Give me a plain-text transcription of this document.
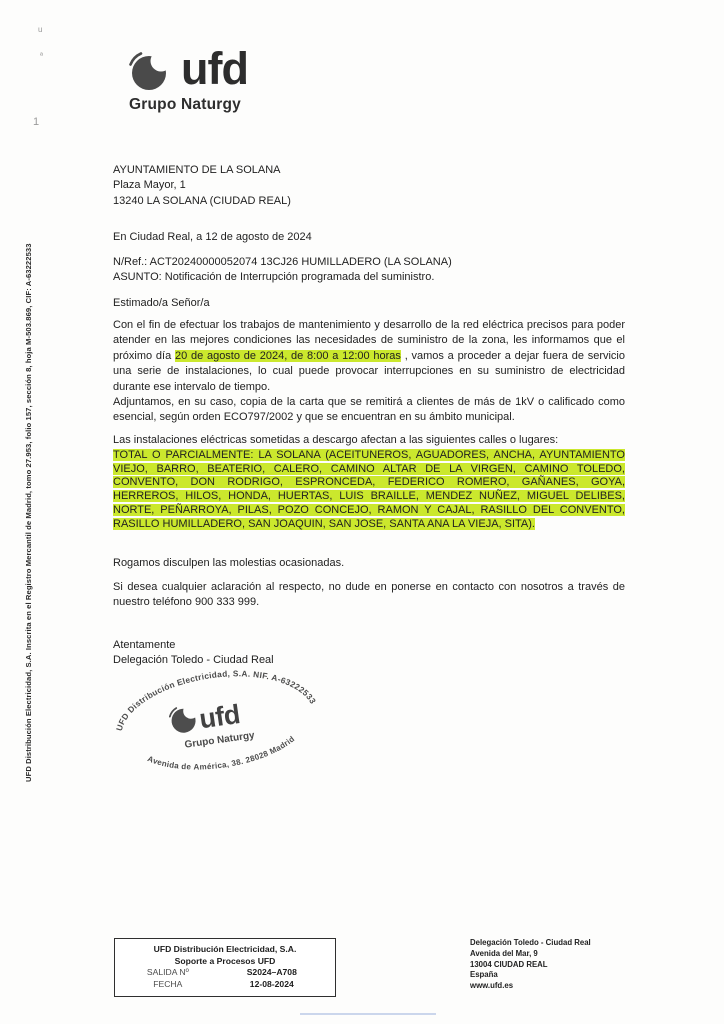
u
ª
1
ufd
Grupo Naturgy
AYUNTAMIENTO DE LA SOLANA
Plaza Mayor, 1
13240 LA SOLANA (CIUDAD REAL)
En Ciudad Real, a 12 de agosto de 2024
N/Ref.: ACT20240000052074 13CJ26 HUMILLADERO (LA SOLANA)
ASUNTO: Notificación de Interrupción programada del suministro.
Estimado/a Señor/a
Con el fin de efectuar los trabajos de mantenimiento y desarrollo de la red eléctrica precisos para poder atender en las mejores condiciones las necesidades de suministro de la zona, les informamos que el próximo día 20 de agosto de 2024, de 8:00 a 12:00 horas , vamos a proceder a dejar fuera de servicio una serie de instalaciones, lo cual puede provocar interrupciones en su suministro de electricidad durante ese intervalo de tiempo.
Adjuntamos, en su caso, copia de la carta que se remitirá a clientes de más de 1kV o calificado como esencial, según orden ECO797/2002 y que se encuentran en su ámbito municipal.
Las instalaciones eléctricas sometidas a descargo afectan a las siguientes calles o lugares:
TOTAL O PARCIALMENTE: LA SOLANA (ACEITUNEROS, AGUADORES, ANCHA, AYUNTAMIENTO VIEJO, BARRO, BEATERIO, CALERO, CAMINO ALTAR DE LA VIRGEN, CAMINO TOLEDO, CONVENTO, DON RODRIGO, ESPRONCEDA, FEDERICO ROMERO, GAÑANES, GOYA, HERREROS, HILOS, HONDA, HUERTAS, LUIS BRAILLE, MENDEZ NUÑEZ, MIGUEL DELIBES, NORTE, PEÑARROYA, PILAS, POZO CONCEJO, RAMON Y CAJAL, RASILLO DEL CONVENTO, RASILLO HUMILLADERO, SAN JOAQUIN, SAN JOSE, SANTA ANA LA VIEJA, SITA).
Rogamos disculpen las molestias ocasionadas.
Si desea cualquier aclaración al respecto, no dude en ponerse en contacto con nosotros a través de nuestro teléfono 900 333 999.
Atentamente
Delegación Toledo - Ciudad Real
UFD Distribución Electricidad, S.A. NIF. A-63222533
Avenida de América, 38. 28028 Madrid
ufd
Grupo Naturgy
UFD Distribución Electricidad, S.A. Inscrita en el Registro Mercantil de Madrid, tomo 27.953, folio 157, sección 8, hoja M-503.869, CIF: A-63222533
UFD Distribución Electricidad, S.A.
Soporte a Procesos UFD
SALIDA Nº	S2024–A708
FECHA	12-08-2024
Delegación Toledo - Ciudad Real
Avenida del Mar, 9
13004 CIUDAD REAL
España
www.ufd.es
